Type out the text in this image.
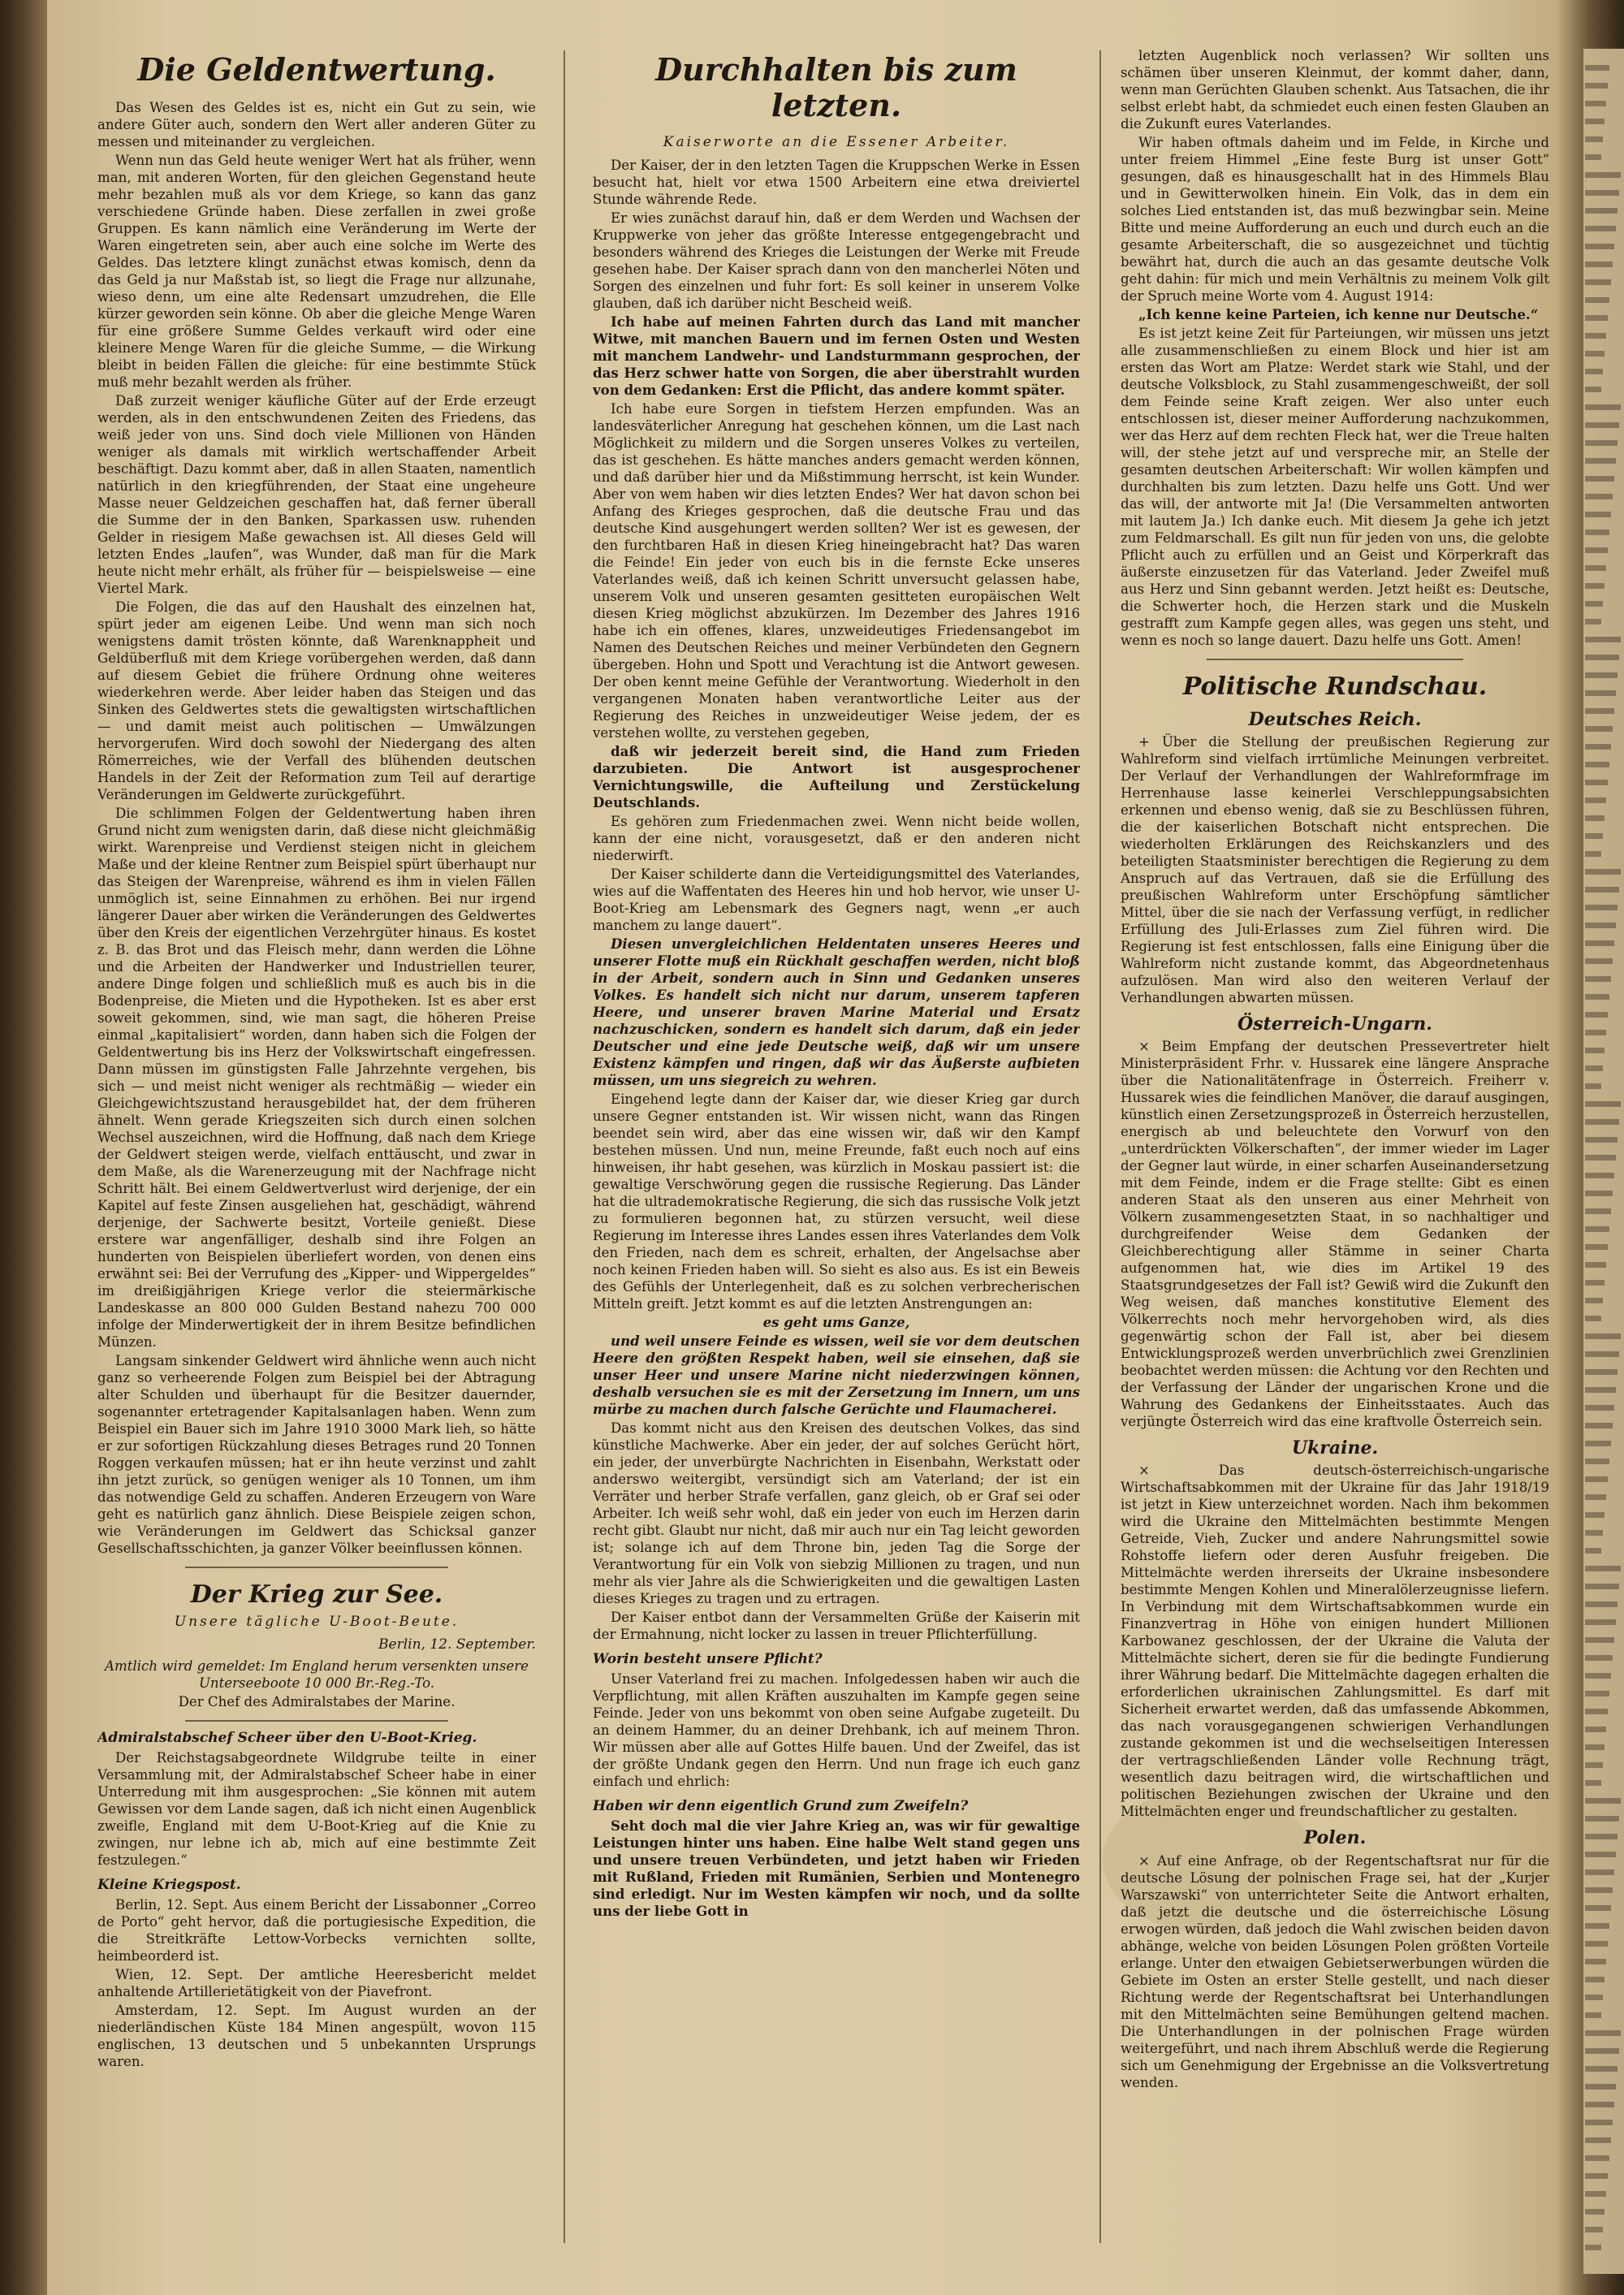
Die Geldentwertung.

Das Wesen des Geldes ist es, nicht ein Gut zu sein, wie andere Güter auch, sondern den Wert aller anderen Güter zu messen und miteinander zu vergleichen.

Wenn nun das Geld heute weniger Wert hat als früher, wenn man, mit anderen Worten, für den gleichen Gegenstand heute mehr bezahlen muß als vor dem Kriege, so kann das ganz verschiedene Gründe haben. Diese zerfallen in zwei große Gruppen. Es kann nämlich eine Veränderung im Werte der Waren eingetreten sein, aber auch eine solche im Werte des Geldes. Das letztere klingt zunächst etwas komisch, denn da das Geld ja nur Maßstab ist, so liegt die Frage nur allzunahe, wieso denn, um eine alte Redensart umzudrehen, die Elle kürzer geworden sein könne. Ob aber die gleiche Menge Waren für eine größere Summe Geldes verkauft wird oder eine kleinere Menge Waren für die gleiche Summe, — die Wirkung bleibt in beiden Fällen die gleiche: für eine bestimmte Stück muß mehr bezahlt werden als früher.

Daß zurzeit weniger käufliche Güter auf der Erde erzeugt werden, als in den entschwundenen Zeiten des Friedens, das weiß jeder von uns. Sind doch viele Millionen von Händen weniger als damals mit wirklich wertschaffender Arbeit beschäftigt. Dazu kommt aber, daß in allen Staaten, namentlich natürlich in den kriegführenden, der Staat eine ungeheure Masse neuer Geldzeichen geschaffen hat, daß ferner überall die Summe der in den Banken, Sparkassen usw. ruhenden Gelder in riesigem Maße gewachsen ist. All dieses Geld will letzten Endes „laufen“, was Wunder, daß man für die Mark heute nicht mehr erhält, als früher für — beispielsweise — eine Viertel Mark.

Die Folgen, die das auf den Haushalt des einzelnen hat, spürt jeder am eigenen Leibe. Und wenn man sich noch wenigstens damit trösten könnte, daß Warenknappheit und Geldüberfluß mit dem Kriege vorübergehen werden, daß dann auf diesem Gebiet die frühere Ordnung ohne weiteres wiederkehren werde. Aber leider haben das Steigen und das Sinken des Geldwertes stets die gewaltigsten wirtschaftlichen — und damit meist auch politischen — Umwälzungen hervorgerufen. Wird doch sowohl der Niedergang des alten Römerreiches, wie der Verfall des blühenden deutschen Handels in der Zeit der Reformation zum Teil auf derartige Veränderungen im Geldwerte zurückgeführt.

Die schlimmen Folgen der Geldentwertung haben ihren Grund nicht zum wenigsten darin, daß diese nicht gleichmäßig wirkt. Warenpreise und Verdienst steigen nicht in gleichem Maße und der kleine Rentner zum Beispiel spürt überhaupt nur das Steigen der Warenpreise, während es ihm in vielen Fällen unmöglich ist, seine Einnahmen zu erhöhen. Bei nur irgend längerer Dauer aber wirken die Veränderungen des Geldwertes über den Kreis der eigentlichen Verzehrgüter hinaus. Es kostet z. B. das Brot und das Fleisch mehr, dann werden die Löhne und die Arbeiten der Handwerker und Industriellen teurer, andere Dinge folgen und schließlich muß es auch bis in die Bodenpreise, die Mieten und die Hypotheken. Ist es aber erst soweit gekommen, sind, wie man sagt, die höheren Preise einmal „kapitalisiert“ worden, dann haben sich die Folgen der Geldentwertung bis ins Herz der Volkswirtschaft eingefressen. Dann müssen im günstigsten Falle Jahrzehnte vergehen, bis sich — und meist nicht weniger als rechtmäßig — wieder ein Gleichgewichtszustand herausgebildet hat, der dem früheren ähnelt. Wenn gerade Kriegszeiten sich durch einen solchen Wechsel auszeichnen, wird die Hoffnung, daß nach dem Kriege der Geldwert steigen werde, vielfach enttäuscht, und zwar in dem Maße, als die Warenerzeugung mit der Nachfrage nicht Schritt hält. Bei einem Geldwertverlust wird derjenige, der ein Kapitel auf feste Zinsen ausgeliehen hat, geschädigt, während derjenige, der Sachwerte besitzt, Vorteile genießt. Diese erstere war angenfälliger, deshalb sind ihre Folgen an hunderten von Beispielen überliefert worden, von denen eins erwähnt sei: Bei der Verrufung des „Kipper- und Wippergeldes“ im dreißigjährigen Kriege verlor die steiermärkische Landeskasse an 800 000 Gulden Bestand nahezu 700 000 infolge der Minderwertigkeit der in ihrem Besitze befindlichen Münzen.

Langsam sinkender Geldwert wird ähnliche wenn auch nicht ganz so verheerende Folgen zum Beispiel bei der Abtragung alter Schulden und überhaupt für die Besitzer dauernder, sogenannter ertetragender Kapitalsanlagen haben. Wenn zum Beispiel ein Bauer sich im Jahre 1910 3000 Mark lieh, so hätte er zur sofortigen Rückzahlung dieses Betrages rund 20 Tonnen Roggen verkaufen müssen; hat er ihn heute verzinst und zahlt ihn jetzt zurück, so genügen weniger als 10 Tonnen, um ihm das notwendige Geld zu schaffen. Anderen Erzeugern von Ware geht es natürlich ganz ähnlich. Diese Beispiele zeigen schon, wie Veränderungen im Geldwert das Schicksal ganzer Gesellschaftsschichten, ja ganzer Völker beeinflussen können.

Der Krieg zur See.
Unsere tägliche U-Boot-Beute.
Berlin, 12. September.

Amtlich wird gemeldet: Im England herum versenkten unsere Unterseeboote 10 000 Br.-Reg.-To.

Der Chef des Admiralstabes der Marine.

Admiralstabschef Scheer über den U-Boot-Krieg.

Der Reichstagsabgeordnete Wildgrube teilte in einer Versammlung mit, der Admiralstabschef Scheer habe in einer Unterredung mit ihm ausgesprochen: „Sie können mit autem Gewissen vor dem Lande sagen, daß ich nicht einen Augenblick zweifle, England mit dem U-Boot-Krieg auf die Knie zu zwingen, nur lebne ich ab, mich auf eine bestimmte Zeit festzulegen.“

Kleine Kriegspost.

Berlin, 12. Sept. Aus einem Bericht der Lissabonner „Correo de Porto“ geht hervor, daß die portugiesische Expedition, die die Streitkräfte Lettow-Vorbecks vernichten sollte, heimbeorderd ist.

Wien, 12. Sept. Der amtliche Heeresbericht meldet anhaltende Artillerietätigkeit von der Piavefront.

Amsterdam, 12. Sept. Im August wurden an der niederländischen Küste 184 Minen angespült, wovon 115 englischen, 13 deutschen und 5 unbekannten Ursprungs waren.

Durchhalten bis zum letzten.
Kaiserworte an die Essener Arbeiter.

Der Kaiser, der in den letzten Tagen die Kruppschen Werke in Essen besucht hat, hielt vor etwa 1500 Arbeitern eine etwa dreiviertel Stunde währende Rede.

Er wies zunächst darauf hin, daß er dem Werden und Wachsen der Kruppwerke von jeher das größte Interesse entgegengebracht und besonders während des Krieges die Leistungen der Werke mit Freude gesehen habe. Der Kaiser sprach dann von den mancherlei Nöten und Sorgen des einzelnen und fuhr fort: Es soll keiner in unserem Volke glauben, daß ich darüber nicht Bescheid weiß.

Ich habe auf meinen Fahrten durch das Land mit mancher Witwe, mit manchen Bauern und im fernen Osten und Westen mit manchem Landwehr- und Landsturmmann gesprochen, der das Herz schwer hatte von Sorgen, die aber überstrahlt wurden von dem Gedanken: Erst die Pflicht, das andere kommt später.

Ich habe eure Sorgen in tiefstem Herzen empfunden. Was an landesväterlicher Anregung hat geschehen können, um die Last nach Möglichkeit zu mildern und die Sorgen unseres Volkes zu verteilen, das ist geschehen. Es hätte manches anders gemacht werden können, und daß darüber hier und da Mißstimmung herrscht, ist kein Wunder. Aber von wem haben wir dies letzten Endes? Wer hat davon schon bei Anfang des Krieges gesprochen, daß die deutsche Frau und das deutsche Kind ausgehungert werden sollten? Wer ist es gewesen, der den furchtbaren Haß in diesen Krieg hineingebracht hat? Das waren die Feinde! Ein jeder von euch bis in die fernste Ecke unseres Vaterlandes weiß, daß ich keinen Schritt unversucht gelassen habe, unserem Volk und unseren gesamten gesitteten europäischen Welt diesen Krieg möglichst abzukürzen. Im Dezember des Jahres 1916 habe ich ein offenes, klares, unzweideutiges Friedensangebot im Namen des Deutschen Reiches und meiner Verbündeten den Gegnern übergeben. Hohn und Spott und Verachtung ist die Antwort gewesen. Der oben kennt meine Gefühle der Verantwortung. Wiederholt in den vergangenen Monaten haben verantwortliche Leiter aus der Regierung des Reiches in unzweideutiger Weise jedem, der es verstehen wollte, zu verstehen gegeben,

daß wir jederzeit bereit sind, die Hand zum Frieden darzubieten. Die Antwort ist ausgesprochener Vernichtungswille, die Aufteilung und Zerstückelung Deutschlands.

Es gehören zum Friedenmachen zwei. Wenn nicht beide wollen, kann der eine nicht, vorausgesetzt, daß er den anderen nicht niederwirft.

Der Kaiser schilderte dann die Verteidigungsmittel des Vaterlandes, wies auf die Waffentaten des Heeres hin und hob hervor, wie unser U-Boot-Krieg am Lebensmark des Gegners nagt, wenn „er auch manchem zu lange dauert“.

Diesen unvergleichlichen Heldentaten unseres Heeres und unserer Flotte muß ein Rückhalt geschaffen werden, nicht bloß in der Arbeit, sondern auch in Sinn und Gedanken unseres Volkes. Es handelt sich nicht nur darum, unserem tapferen Heere, und unserer braven Marine Material und Ersatz nachzuschicken, sondern es handelt sich darum, daß ein jeder Deutscher und eine jede Deutsche weiß, daß wir um unsere Existenz kämpfen und ringen, daß wir das Äußerste aufbieten müssen, um uns siegreich zu wehren.

Eingehend legte dann der Kaiser dar, wie dieser Krieg gar durch unsere Gegner entstanden ist. Wir wissen nicht, wann das Ringen beendet sein wird, aber das eine wissen wir, daß wir den Kampf bestehen müssen. Und nun, meine Freunde, faßt euch noch auf eins hinweisen, ihr habt gesehen, was kürzlich in Moskau passiert ist: die gewaltige Verschwörung gegen die russische Regierung. Das Länder hat die ultrademokratische Regierung, die sich das russische Volk jetzt zu formulieren begonnen hat, zu stürzen versucht, weil diese Regierung im Interesse ihres Landes essen ihres Vaterlandes dem Volk den Frieden, nach dem es schreit, erhalten, der Angelsachse aber noch keinen Frieden haben will. So sieht es also aus. Es ist ein Beweis des Gefühls der Unterlegenheit, daß es zu solchen verbrecherischen Mitteln greift. Jetzt kommt es auf die letzten Anstrengungen an:

es geht ums Ganze,

und weil unsere Feinde es wissen, weil sie vor dem deutschen Heere den größten Respekt haben, weil sie einsehen, daß sie unser Heer und unsere Marine nicht niederzwingen können, deshalb versuchen sie es mit der Zersetzung im Innern, um uns mürbe zu machen durch falsche Gerüchte und Flaumacherei.

Das kommt nicht aus den Kreisen des deutschen Volkes, das sind künstliche Machwerke. Aber ein jeder, der auf solches Gerücht hört, ein jeder, der unverbürgte Nachrichten in Eisenbahn, Werkstatt oder anderswo weitergibt, versündigt sich am Vaterland; der ist ein Verräter und herber Strafe verfallen, ganz gleich, ob er Graf sei oder Arbeiter. Ich weiß sehr wohl, daß ein jeder von euch im Herzen darin recht gibt. Glaubt nur nicht, daß mir auch nur ein Tag leicht geworden ist; solange ich auf dem Throne bin, jeden Tag die Sorge der Verantwortung für ein Volk von siebzig Millionen zu tragen, und nun mehr als vier Jahre als die Schwierigkeiten und die gewaltigen Lasten dieses Krieges zu tragen und zu ertragen.

Der Kaiser entbot dann der Versammelten Grüße der Kaiserin mit der Ermahnung, nicht locker zu lassen in treuer Pflichterfüllung.

Worin besteht unsere Pflicht?

Unser Vaterland frei zu machen. Infolgedessen haben wir auch die Verpflichtung, mit allen Kräften auszuhalten im Kampfe gegen seine Feinde. Jeder von uns bekommt von oben seine Aufgabe zugeteilt. Du an deinem Hammer, du an deiner Drehbank, ich auf meinem Thron. Wir müssen aber alle auf Gottes Hilfe bauen. Und der Zweifel, das ist der größte Undank gegen den Herrn. Und nun frage ich euch ganz einfach und ehrlich:

Haben wir denn eigentlich Grund zum Zweifeln?

Seht doch mal die vier Jahre Krieg an, was wir für gewaltige Leistungen hinter uns haben. Eine halbe Welt stand gegen uns und unsere treuen Verbündeten, und jetzt haben wir Frieden mit Rußland, Frieden mit Rumänien, Serbien und Montenegro sind erledigt. Nur im Westen kämpfen wir noch, und da sollte uns der liebe Gott in

letzten Augenblick noch verlassen? Wir sollten uns schämen über unseren Kleinmut, der kommt daher, dann, wenn man Gerüchten Glauben schenkt. Aus Tatsachen, die ihr selbst erlebt habt, da schmiedet euch einen festen Glauben an die Zukunft eures Vaterlandes.

Wir haben oftmals daheim und im Felde, in Kirche und unter freiem Himmel „Eine feste Burg ist unser Gott“ gesungen, daß es hinausgeschallt hat in des Himmels Blau und in Gewitterwolken hinein. Ein Volk, das in dem ein solches Lied entstanden ist, das muß bezwingbar sein. Meine Bitte und meine Aufforderung an euch und durch euch an die gesamte Arbeiterschaft, die so ausgezeichnet und tüchtig bewährt hat, durch die auch an das gesamte deutsche Volk geht dahin: für mich und mein Verhältnis zu meinem Volk gilt der Spruch meine Worte vom 4. August 1914:

„Ich kenne keine Parteien, ich kenne nur Deutsche.“

Es ist jetzt keine Zeit für Parteiungen, wir müssen uns jetzt alle zusammenschließen zu einem Block und hier ist am ersten das Wort am Platze: Werdet stark wie Stahl, und der deutsche Volksblock, zu Stahl zusammengeschweißt, der soll dem Feinde seine Kraft zeigen. Wer also unter euch entschlossen ist, dieser meiner Aufforderung nachzukommen, wer das Herz auf dem rechten Fleck hat, wer die Treue halten will, der stehe jetzt auf und verspreche mir, an Stelle der gesamten deutschen Arbeiterschaft: Wir wollen kämpfen und durchhalten bis zum letzten. Dazu helfe uns Gott. Und wer das will, der antworte mit Ja! (Die Versammelten antworten mit lautem Ja.) Ich danke euch. Mit diesem Ja gehe ich jetzt zum Feldmarschall. Es gilt nun für jeden von uns, die gelobte Pflicht auch zu erfüllen und an Geist und Körperkraft das äußerste einzusetzen für das Vaterland. Jeder Zweifel muß aus Herz und Sinn gebannt werden. Jetzt heißt es: Deutsche, die Schwerter hoch, die Herzen stark und die Muskeln gestrafft zum Kampfe gegen alles, was gegen uns steht, und wenn es noch so lange dauert. Dazu helfe uns Gott. Amen!

Politische Rundschau.
Deutsches Reich.

+ Über die Stellung der preußischen Regierung zur Wahlreform sind vielfach irrtümliche Meinungen verbreitet. Der Verlauf der Verhandlungen der Wahlreformfrage im Herrenhause lasse keinerlei Verschleppungsabsichten erkennen und ebenso wenig, daß sie zu Beschlüssen führen, die der kaiserlichen Botschaft nicht entsprechen. Die wiederholten Erklärungen des Reichskanzlers und des beteiligten Staatsminister berechtigen die Regierung zu dem Anspruch auf das Vertrauen, daß sie die Erfüllung des preußischen Wahlreform unter Erschöpfung sämtlicher Mittel, über die sie nach der Verfassung verfügt, in redlicher Erfüllung des Juli-Erlasses zum Ziel führen wird. Die Regierung ist fest entschlossen, falls eine Einigung über die Wahlreform nicht zustande kommt, das Abgeordnetenhaus aufzulösen. Man wird also den weiteren Verlauf der Verhandlungen abwarten müssen.

Österreich-Ungarn.

× Beim Empfang der deutschen Pressevertreter hielt Ministerpräsident Frhr. v. Hussarek eine längere Ansprache über die Nationalitätenfrage in Österreich. Freiherr v. Hussarek wies die feindlichen Manöver, die darauf ausgingen, künstlich einen Zersetzungsprozeß in Österreich herzustellen, energisch ab und beleuchtete den Vorwurf von den „unterdrückten Völkerschaften“, der immer wieder im Lager der Gegner laut würde, in einer scharfen Auseinandersetzung mit dem Feinde, indem er die Frage stellte: Gibt es einen anderen Staat als den unseren aus einer Mehrheit von Völkern zusammengesetzten Staat, in so nachhaltiger und durchgreifender Weise dem Gedanken der Gleichberechtigung aller Stämme in seiner Charta aufgenommen hat, wie dies im Artikel 19 des Staatsgrundgesetzes der Fall ist? Gewiß wird die Zukunft den Weg weisen, daß manches konstitutive Element des Völkerrechts noch mehr hervorgehoben wird, als dies gegenwärtig schon der Fall ist, aber bei diesem Entwicklungsprozeß werden unverbrüchlich zwei Grenzlinien beobachtet werden müssen: die Achtung vor den Rechten und der Verfassung der Länder der ungarischen Krone und die Wahrung des Gedankens der Einheitsstaates. Auch das verjüngte Österreich wird das eine kraftvolle Österreich sein.

Ukraine.

× Das deutsch-österreichisch-ungarische Wirtschaftsabkommen mit der Ukraine für das Jahr 1918/19 ist jetzt in Kiew unterzeichnet worden. Nach ihm bekommen wird die Ukraine den Mittelmächten bestimmte Mengen Getreide, Vieh, Zucker und andere Nahrungsmittel sowie Rohstoffe liefern oder deren Ausfuhr freigeben. Die Mittelmächte werden ihrerseits der Ukraine insbesondere bestimmte Mengen Kohlen und Mineralölerzeugnisse liefern. In Verbindung mit dem Wirtschaftsabkommen wurde ein Finanzvertrag in Höhe von einigen hundert Millionen Karbowanez geschlossen, der der Ukraine die Valuta der Mittelmächte sichert, deren sie für die bedingte Fundierung ihrer Währung bedarf. Die Mittelmächte dagegen erhalten die erforderlichen ukrainischen Zahlungsmittel. Es darf mit Sicherheit erwartet werden, daß das umfassende Abkommen, das nach vorausgegangenen schwierigen Verhandlungen zustande gekommen ist und die wechselseitigen Interessen der vertragschließenden Länder volle Rechnung trägt, wesentlich dazu beitragen wird, die wirtschaftlichen und politischen Beziehungen zwischen der Ukraine und den Mittelmächten enger und freundschaftlicher zu gestalten.

Polen.

× Auf eine Anfrage, ob der Regentschaftsrat nur für die deutsche Lösung der polnischen Frage sei, hat der „Kurjer Warszawski“ von unterrichteter Seite die Antwort erhalten, daß jetzt die deutsche und die österreichische Lösung erwogen würden, daß jedoch die Wahl zwischen beiden davon abhänge, welche von beiden Lösungen Polen größten Vorteile erlange. Unter den etwaigen Gebietserwerbungen würden die Gebiete im Osten an erster Stelle gestellt, und nach dieser Richtung werde der Regentschaftsrat bei Unterhandlungen mit den Mittelmächten seine Bemühungen geltend machen. Die Unterhandlungen in der polnischen Frage würden weitergeführt, und nach ihrem Abschluß werde die Regierung sich um Genehmigung der Ergebnisse an die Volksvertretung wenden.
